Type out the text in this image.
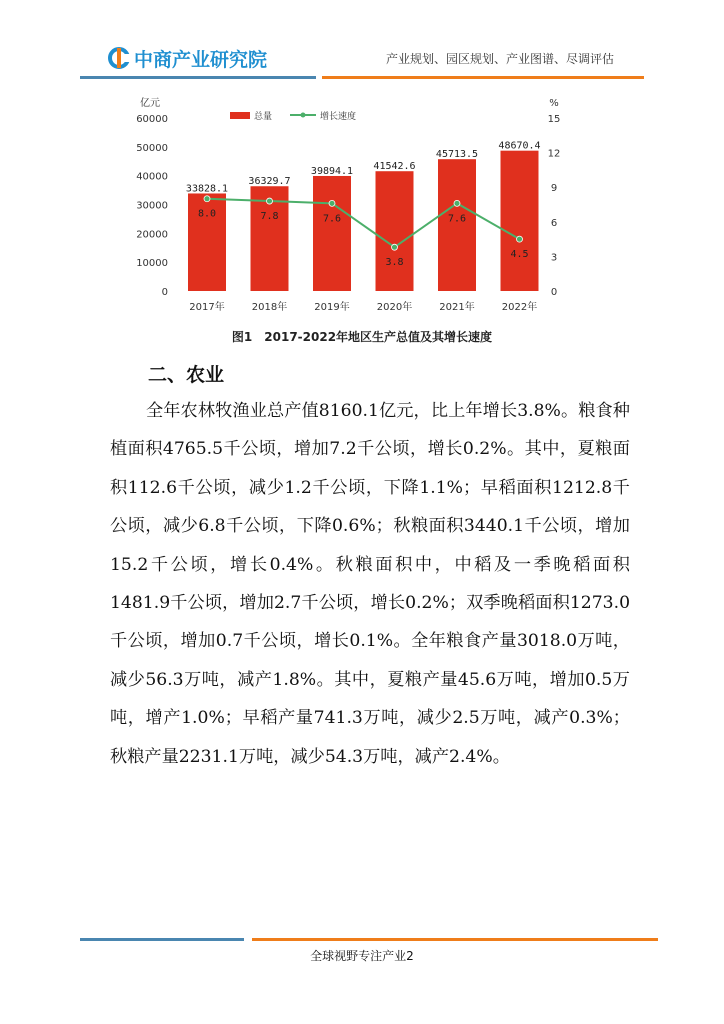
中商产业研究院	产业规划、园区规划、产业图谱、尽调评估
亿元	%
总量	增长速度
60000
50000
40000
30000
20000
10000
0
15
12
9
6
3
0
33828.1
36329.7
39894.1 41542.6
45713.5
48670.4
8.0	7.8	7.6
3.8
7.6
4.5
2017年	2018年	2019年	2020年	2021年	2022年
图1　2017-2022年地区生产总值及其增长速度
二、农业
全年农林牧渔业总产值8160.1亿元，比上年增长3.8%。粮食种植面积4765.5千公顷，增加7.2千公顷，增长0.2%。其中，夏粮面积112.6千公顷，减少1.2千公顷，下降1.1%；早稻面积1212.8千公顷，减少6.8千公顷，下降0.6%；秋粮面积3440.1千公顷，增加15.2千公顷，增长0.4%。秋粮面积中，中稻及一季晚稻面积1481.9千公顷，增加2.7千公顷，增长0.2%；双季晚稻面积1273.0千公顷，增加0.7千公顷，增长0.1%。全年粮食产量3018.0万吨，减少56.3万吨，减产1.8%。其中，夏粮产量45.6万吨，增加0.5万吨，增产1.0%；早稻产量741.3万吨，减少2.5万吨，减产0.3%；秋粮产量2231.1万吨，减少54.3万吨，减产2.4%。
全球视野专注产业2
